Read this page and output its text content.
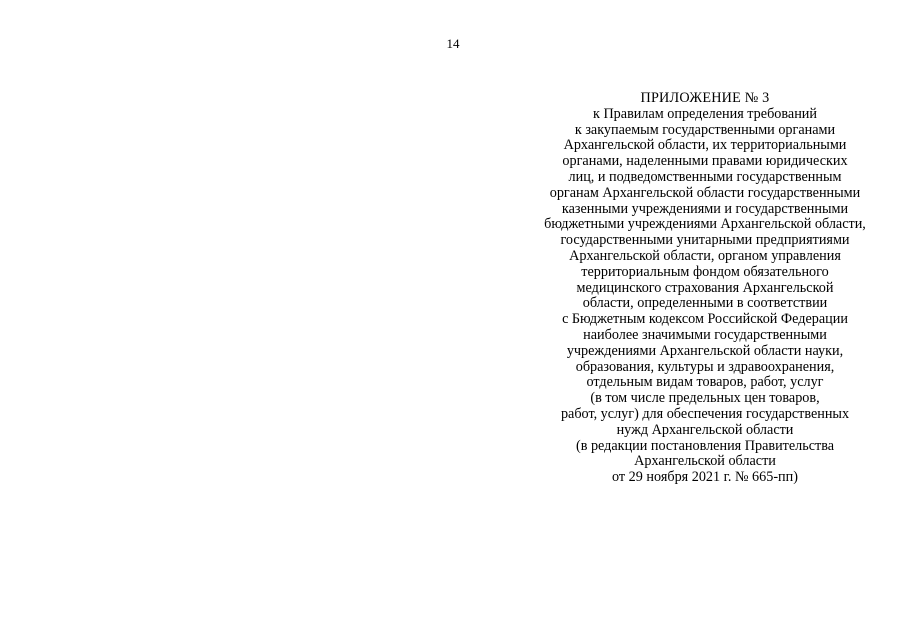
14
ПРИЛОЖЕНИЕ № 3
к Правилам определения требований
к закупаемым государственными органами
Архангельской области, их территориальными
органами, наделенными правами юридических
лиц, и подведомственными государственным
органам Архангельской области государственными
казенными учреждениями и государственными
бюджетными учреждениями Архангельской области,
государственными унитарными предприятиями
Архангельской области, органом управления
территориальным фондом обязательного
медицинского страхования Архангельской
области, определенными в соответствии
с Бюджетным кодексом Российской Федерации
наиболее значимыми государственными
учреждениями Архангельской области науки,
образования, культуры и здравоохранения,
отдельным видам товаров, работ, услуг
(в том числе предельных цен товаров,
работ, услуг) для обеспечения государственных
нужд Архангельской области
(в редакции постановления Правительства
Архангельской области
от 29 ноября 2021 г. № 665-пп)
